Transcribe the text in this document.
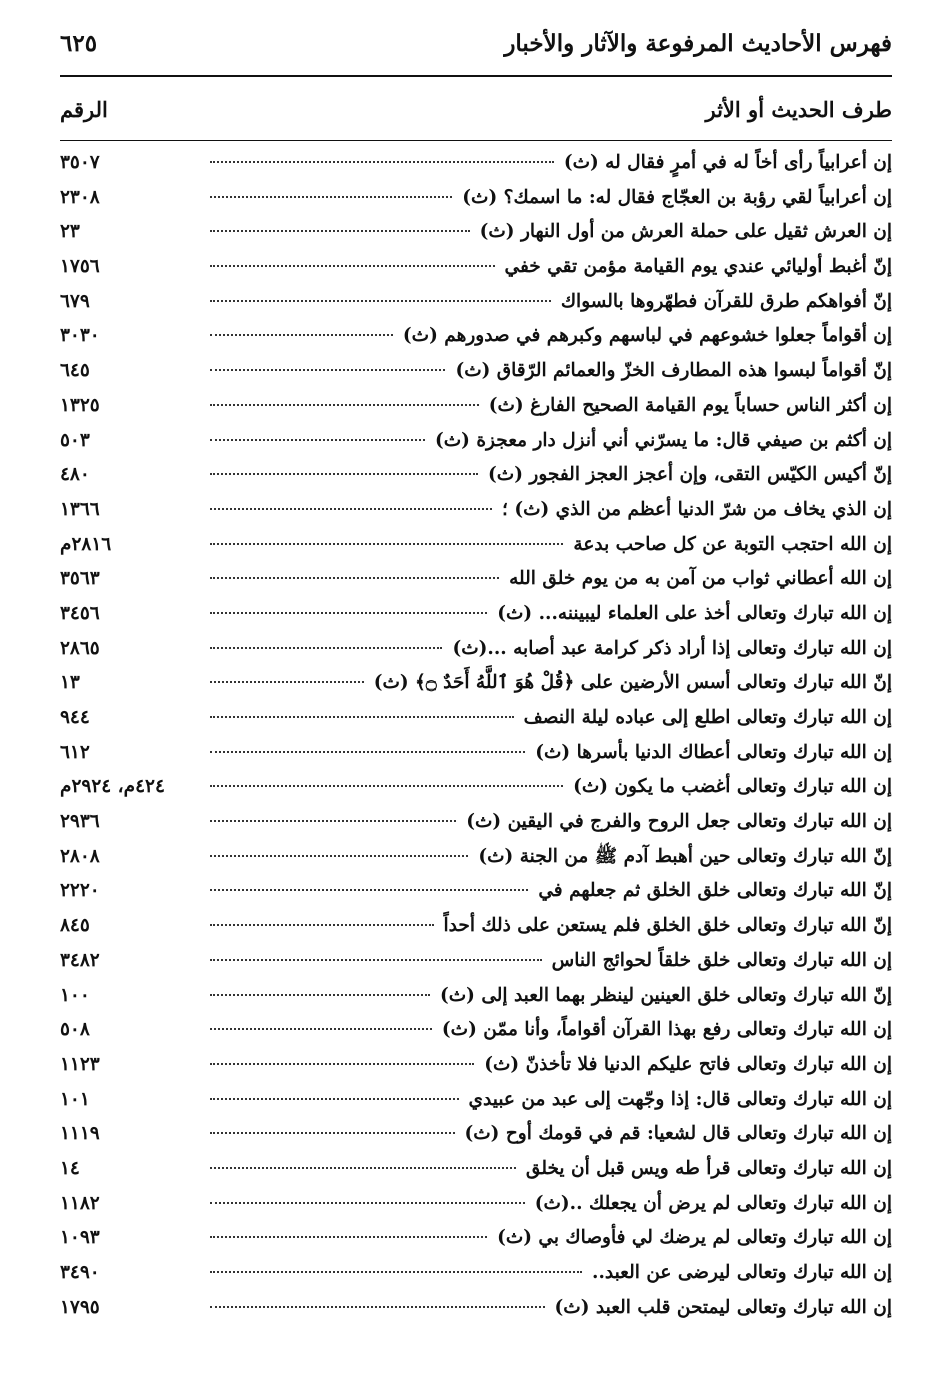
فهرس الأحاديث المرفوعة والآثار والأخبار
٦٢٥
طرف الحديث أو الأثر
الرقم
إن أعرابياً رأى أخاً له في أمرٍ فقال له (ث)
٣٥٠٧
إن أعرابياً لقي رؤبة بن العجّاج فقال له: ما اسمك؟ (ث)
٢٣٠٨
إن العرش ثقيل على حملة العرش من أول النهار (ث)
٢٣
إنّ أغبط أوليائي عندي يوم القيامة مؤمن تقي خفي
١٧٥٦
إنّ أفواهكم طرق للقرآن فطهّروها بالسواك
٦٧٩
إن أقواماً جعلوا خشوعهم في لباسهم وكبرهم في صدورهم (ث)
٣٠٣٠
إنّ أقواماً لبسوا هذه المطارف الخزّ والعمائم الرّقاق (ث)
٦٤٥
إن أكثر الناس حساباً يوم القيامة الصحيح الفارغ (ث)
١٣٢٥
إن أكثم بن صيفي قال: ما يسرّني أني أنزل دار معجزة (ث)
٥٠٣
إنّ أكيس الكيّس التقى، وإن أعجز العجز الفجور (ث)
٤٨٠
إن الذي يخاف من شرّ الدنيا أعظم من الذي (ث) ؛
١٣٦٦
إن الله احتجب التوبة عن كل صاحب بدعة
٢٨١٦م
إن الله أعطاني ثواب من آمن به من يوم خلق الله
٣٥٦٣
إن الله تبارك وتعالى أخذ على العلماء ليبيننه... (ث)
٣٤٥٦
إن الله تبارك وتعالى إذا أراد ذكر كرامة عبد أصابه ...(ث)
٢٨٦٥
إنّ الله تبارك وتعالى أسس الأرضين على ﴿قُلْ هُوَ ٱللَّهُ أَحَدٌ ۝﴾ (ث)
١٣
إن الله تبارك وتعالى اطلع إلى عباده ليلة النصف
٩٤٤
إن الله تبارك وتعالى أعطاك الدنيا بأسرها (ث)
٦١٢
إن الله تبارك وتعالى أغضب ما يكون (ث)
٤٢٤م، ٢٩٢٤م
إن الله تبارك وتعالى جعل الروح والفرج في اليقين (ث)
٢٩٣٦
إنّ الله تبارك وتعالى حين أهبط آدم ﷺ من الجنة (ث)
٢٨٠٨
إنّ الله تبارك وتعالى خلق الخلق ثم جعلهم في
٢٢٢٠
إنّ الله تبارك وتعالى خلق الخلق فلم يستعن على ذلك أحداً
٨٤٥
إن الله تبارك وتعالى خلق خلقاً لحوائج الناس
٣٤٨٢
إنّ الله تبارك وتعالى خلق العينين لينظر بهما العبد إلى (ث)
١٠٠
إن الله تبارك وتعالى رفع بهذا القرآن أقواماً، وأنا ممّن (ث)
٥٠٨
إن الله تبارك وتعالى فاتح عليكم الدنيا فلا تأخذنّ (ث)
١١٢٣
إن الله تبارك وتعالى قال: إذا وجّهت إلى عبد من عبيدي
١٠١
إن الله تبارك وتعالى قال لشعيا: قم في قومك أوح (ث)
١١١٩
إن الله تبارك وتعالى قرأ طه ويس قبل أن يخلق
١٤
إن الله تبارك وتعالى لم يرض أن يجعلك ..(ث)
١١٨٢
إن الله تبارك وتعالى لم يرضك لي فأوصاك بي (ث)
١٠٩٣
إن الله تبارك وتعالى ليرضى عن العبد..
٣٤٩٠
إن الله تبارك وتعالى ليمتحن قلب العبد (ث)
١٧٩٥
